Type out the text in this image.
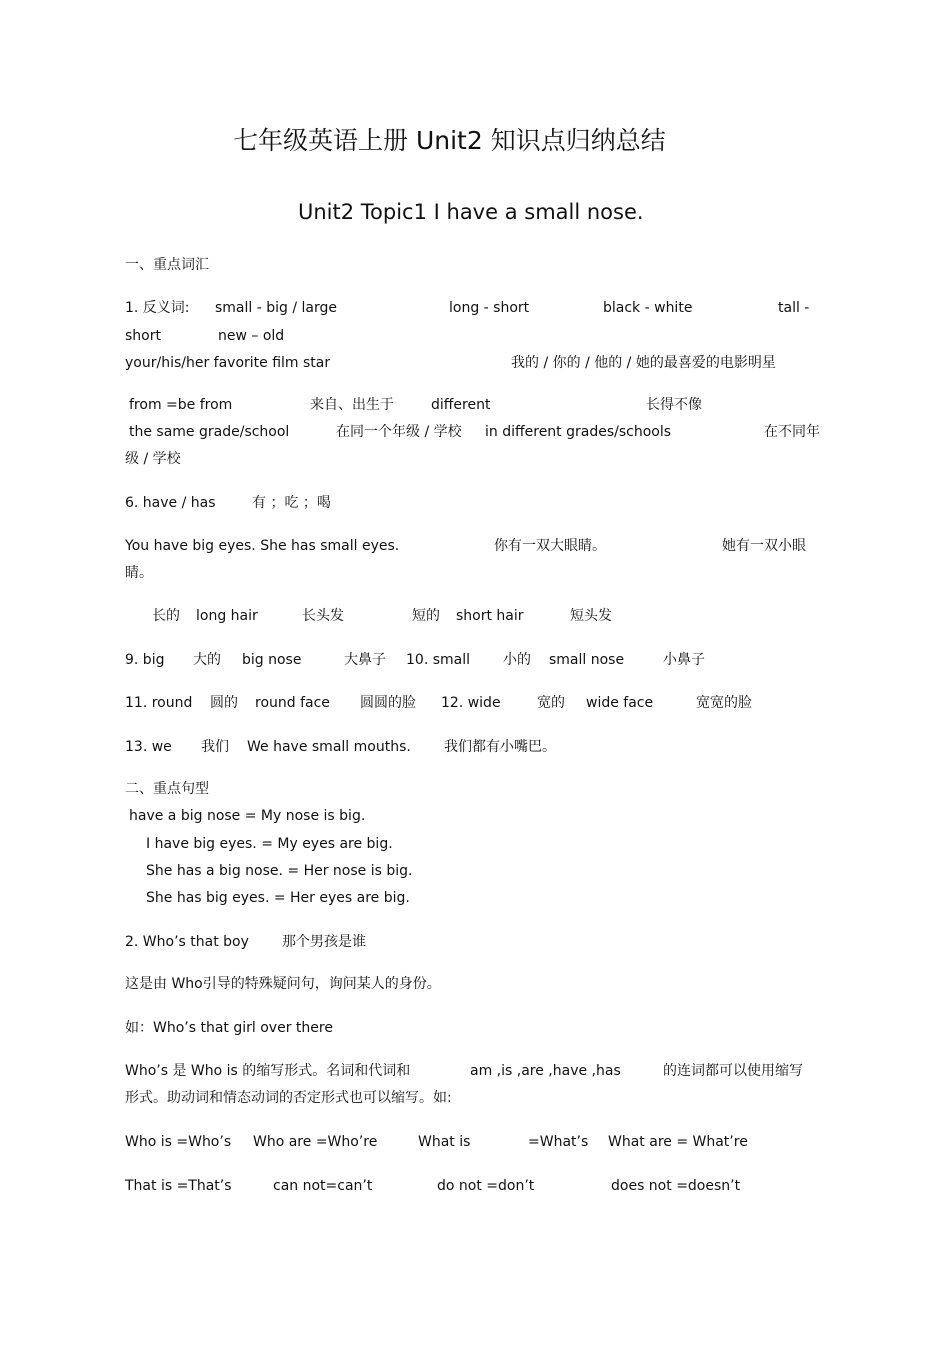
七年级英语上册 Unit2 知识点归纳总结
Unit2 Topic1 I have a small nose.
一、重点词汇
1. 反义词: small - big / large	long - short	black - white	tall -
short	new – old
your/his/her favorite film star	我的 / 你的 / 他的 / 她的最喜爱的电影明星
from =be from	来自、出生于	different	长得不像
the same grade/school	在同一个年级 / 学校 in different grades/schools	在不同年
级 / 学校
6. have / has	有 ；吃 ；喝
You have big eyes. She has small eyes.	你有一双大眼睛。	她有一双小眼
睛。
长的 long hair	长头发	短的 short hair	短头发
9. big 大的 big nose	大鼻子 10. small 小的 small nose	小鼻子
11. round 圆的 round face 圆圆的脸 12. wide	宽的 wide face	宽宽的脸
13. we 我们 We have small mouths. 我们都有小嘴巴。
二、重点句型
have a big nose = My nose is big.
I have big eyes. = My eyes are big.
She has a big nose. = Her nose is big.
She has big eyes. = Her eyes are big.
2. Who’s that boy 那个男孩是谁
这是由 Who引导的特殊疑问句，询问某人的身份。
如：Who’s that girl over there
Who’s 是 Who is 的缩写形式。名词和代词和	am ,is ,are ,have ,has	的连词都可以使用缩写
形式。助动词和情态动词的否定形式也可以缩写。如:
Who is =Who’s Who are =Who’re	What is	=What’s What are = What’re
That is =That’s	can not=can’t	do not =don’t	does not =doesn’t
